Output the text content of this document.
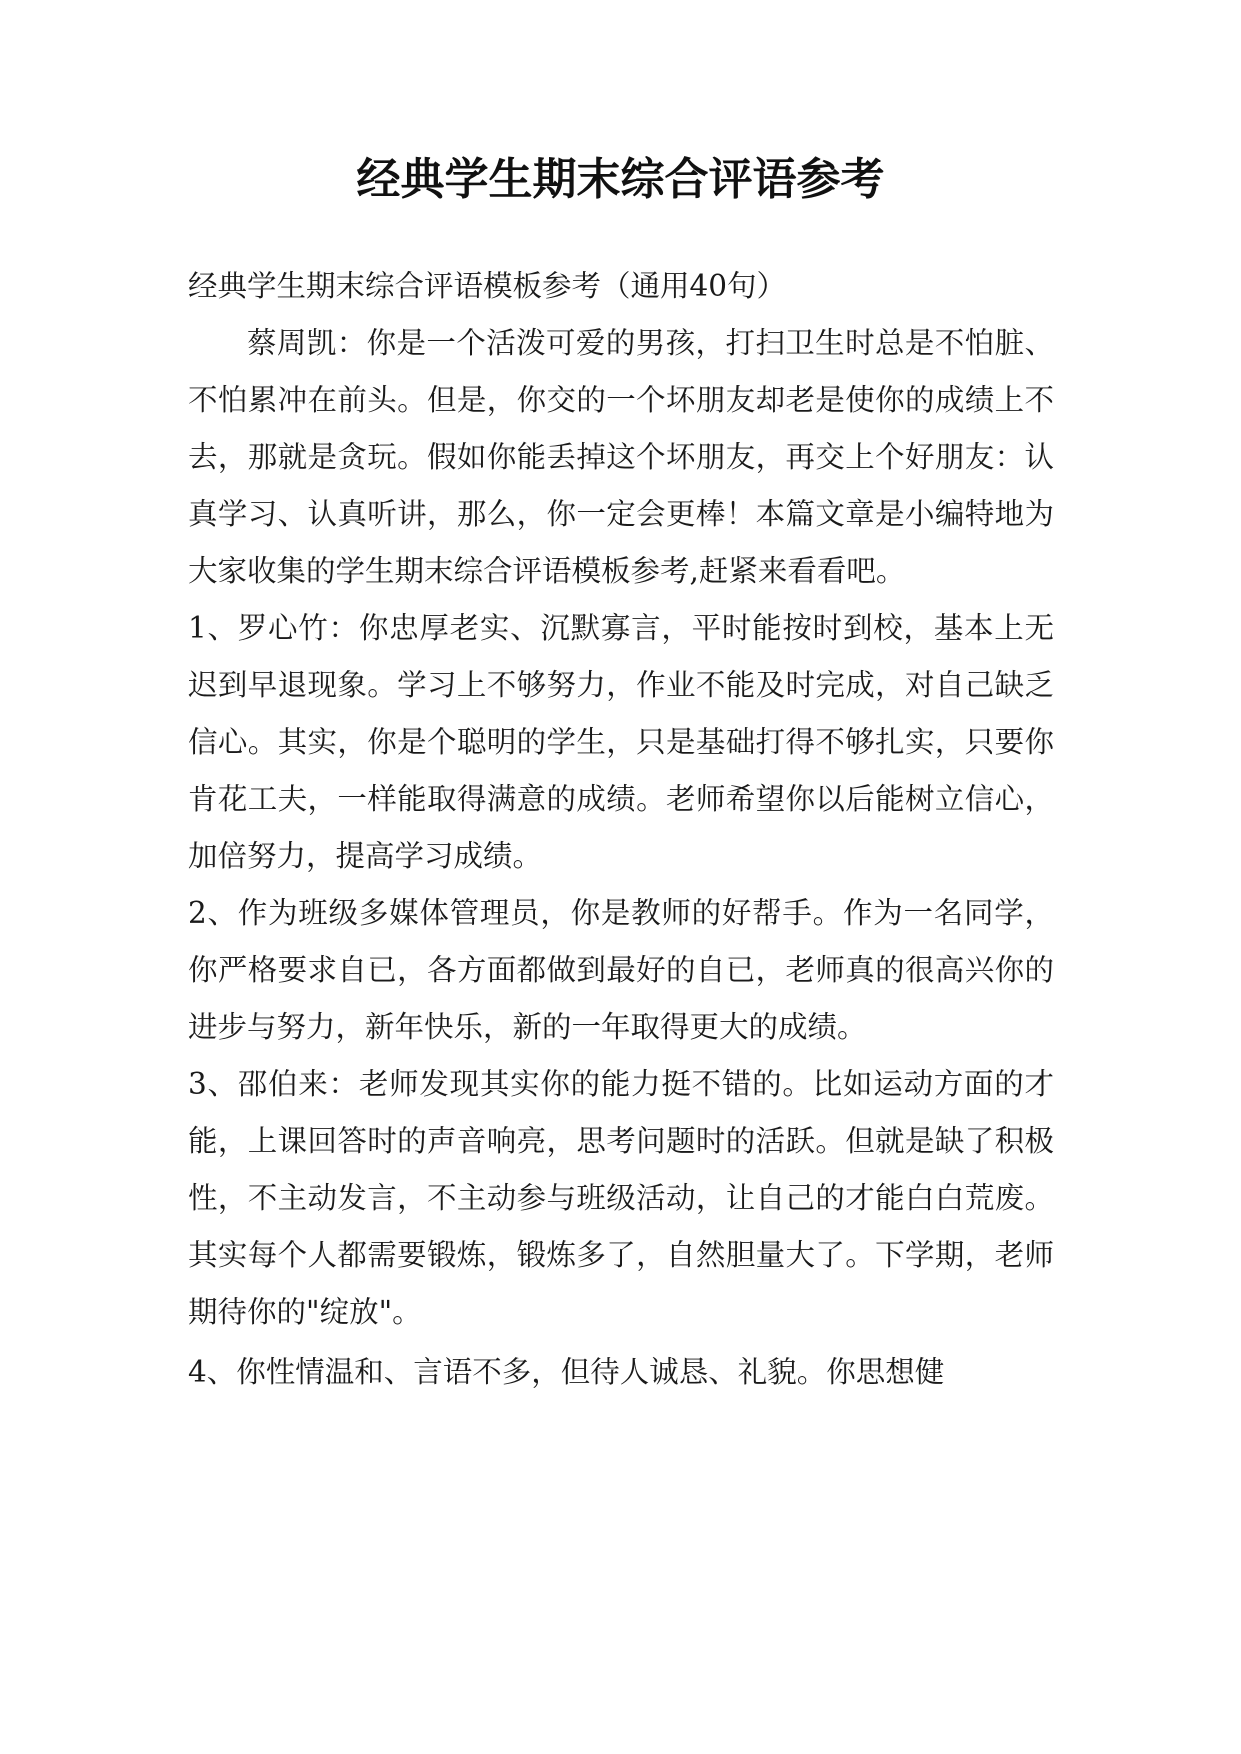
经典学生期末综合评语参考

经典学生期末综合评语模板参考（通用40句）

蔡周凯：你是一个活泼可爱的男孩，打扫卫生时总是不怕脏、不怕累冲在前头。但是，你交的一个坏朋友却老是使你的成绩上不去，那就是贪玩。假如你能丢掉这个坏朋友，再交上个好朋友：认真学习、认真听讲，那么，你一定会更棒！本篇文章是小编特地为大家收集的学生期末综合评语模板参考,赶紧来看看吧。

1、罗心竹：你忠厚老实、沉默寡言，平时能按时到校，基本上无迟到早退现象。学习上不够努力，作业不能及时完成，对自己缺乏信心。其实，你是个聪明的学生，只是基础打得不够扎实，只要你肯花工夫，一样能取得满意的成绩。老师希望你以后能树立信心，加倍努力，提高学习成绩。

2、作为班级多媒体管理员，你是教师的好帮手。作为一名同学，你严格要求自已，各方面都做到最好的自已，老师真的很高兴你的进步与努力，新年快乐，新的一年取得更大的成绩。

3、邵伯来：老师发现其实你的能力挺不错的。比如运动方面的才能，上课回答时的声音响亮，思考问题时的活跃。但就是缺了积极性，不主动发言，不主动参与班级活动，让自己的才能白白荒废。其实每个人都需要锻炼，锻炼多了，自然胆量大了。下学期，老师期待你的"绽放"。

4、你性情温和、言语不多，但待人诚恳、礼貌。你思想健
